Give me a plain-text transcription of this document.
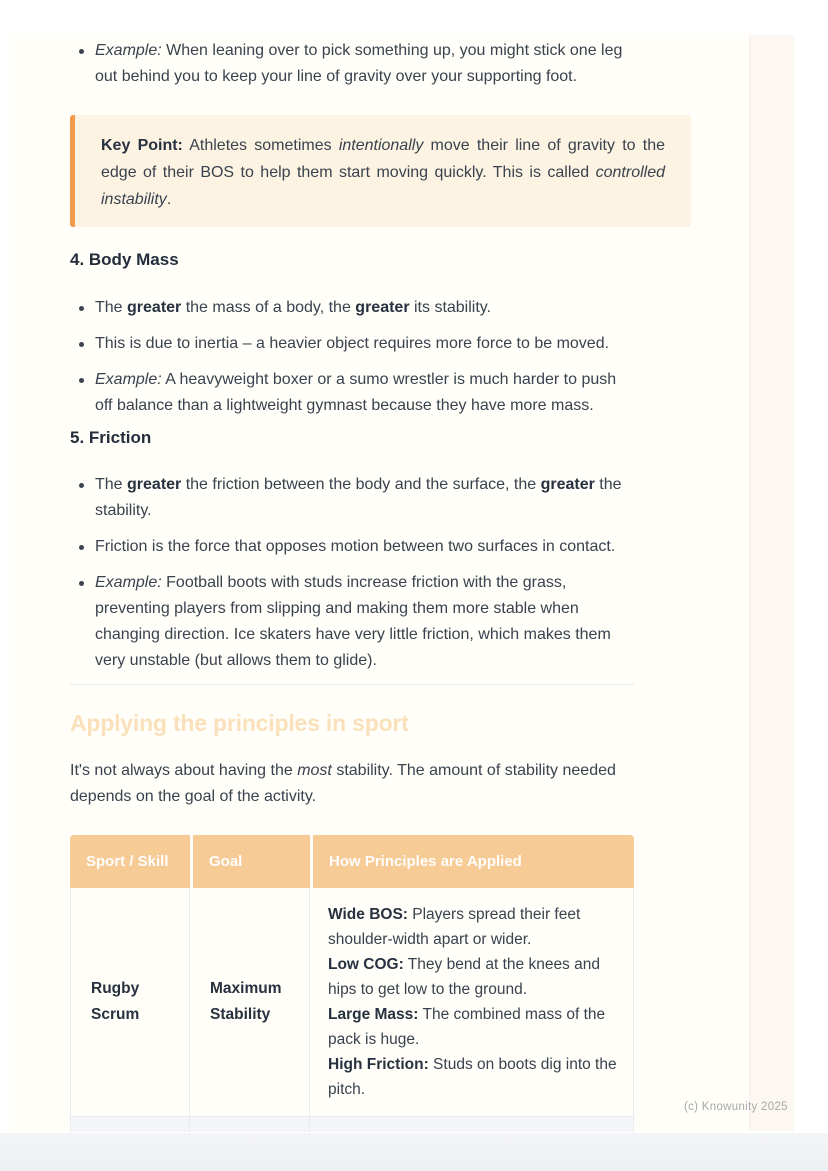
Example: When leaning over to pick something up, you might stick one leg out behind you to keep your line of gravity over your supporting foot.
Key Point: Athletes sometimes intentionally move their line of gravity to the edge of their BOS to help them start moving quickly. This is called controlled instability.
4. Body Mass
The greater the mass of a body, the greater its stability.
This is due to inertia – a heavier object requires more force to be moved.
Example: A heavyweight boxer or a sumo wrestler is much harder to push off balance than a lightweight gymnast because they have more mass.
5. Friction
The greater the friction between the body and the surface, the greater the stability.
Friction is the force that opposes motion between two surfaces in contact.
Example: Football boots with studs increase friction with the grass, preventing players from slipping and making them more stable when changing direction. Ice skaters have very little friction, which makes them very unstable (but allows them to glide).
Applying the principles in sport

It's not always about having the most stability. The amount of stability needed depends on the goal of the activity.

Sport / Skill	Goal	How Principles are Applied
Rugby Scrum	Maximum Stability	Wide BOS: Players spread their feet shoulder-width apart or wider.
Low COG: They bend at the knees and hips to get low to the ground.
Large Mass: The combined mass of the pack is huge.
High Friction: Studs on boots dig into the pitch.

(c) Knowunity 2025
